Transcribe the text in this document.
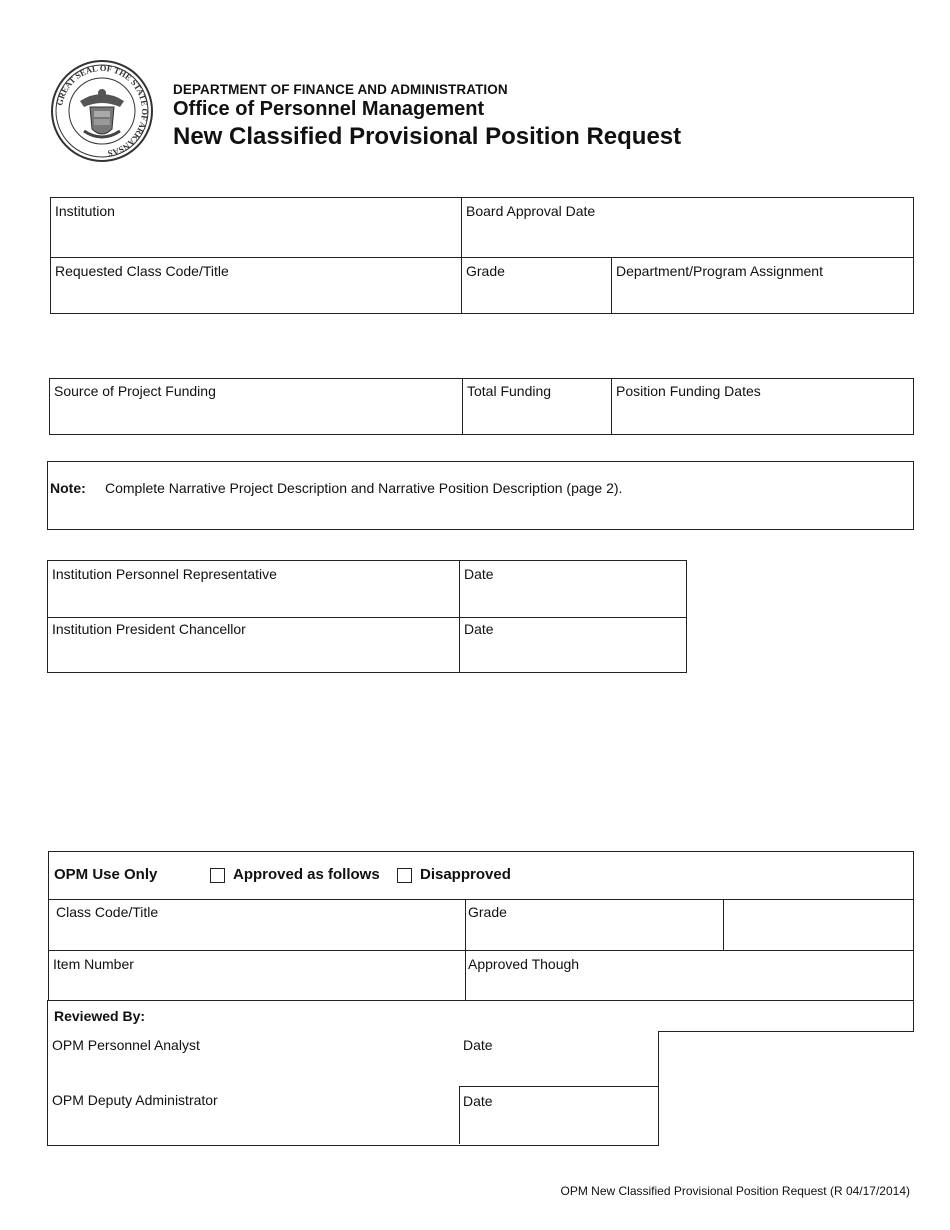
GREAT SEAL OF THE STATE OF ARKANSAS
DEPARTMENT OF FINANCE AND ADMINISTRATION
Office of Personnel Management
New Classified Provisional Position Request
Institution	Board Approval Date
Requested Class Code/Title	Grade	Department/Program Assignment
Source of Project Funding	Total Funding	Position Funding Dates
Note: Complete Narrative Project Description and Narrative Position Description (page 2).
Institution Personnel Representative	Date
Institution President Chancellor	Date
OPM Use Only	Approved as follows	Disapproved
Class Code/Title	Grade
Item Number	Approved Though
Reviewed By:
OPM Personnel Analyst	Date
OPM Deputy Administrator	Date
OPM New Classified Provisional Position Request (R 04/17/2014)
